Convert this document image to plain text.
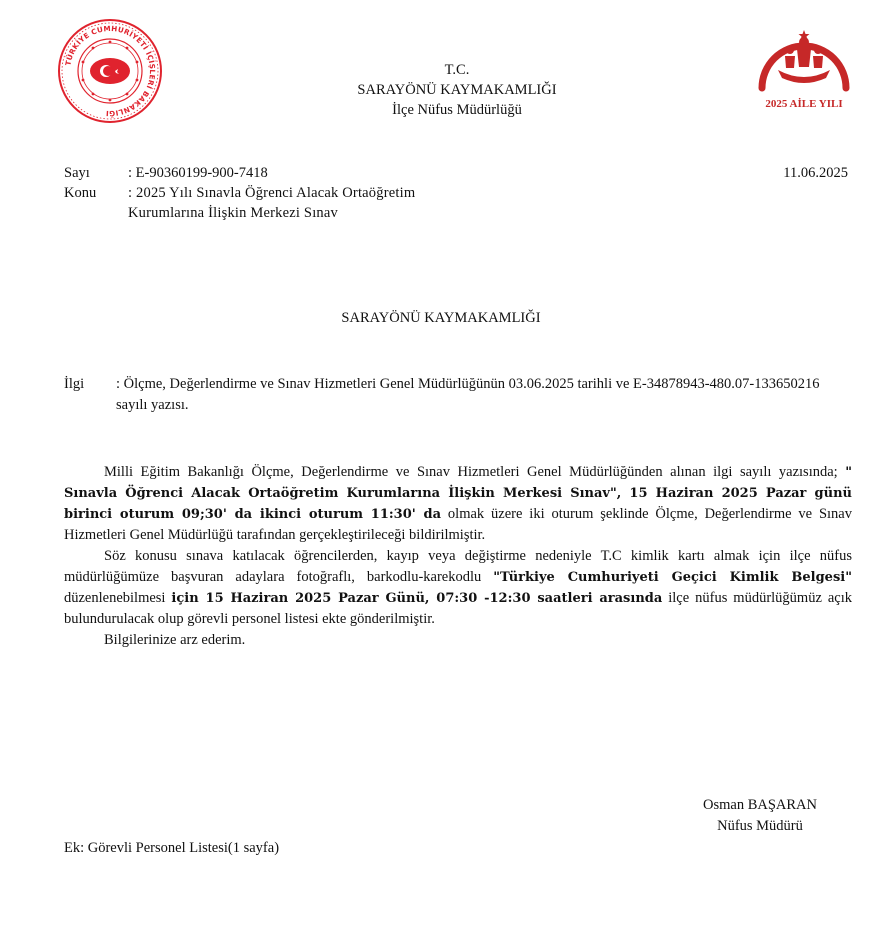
TÜRKİYE CUMHURİYETİ İÇİŞLERİ BAKANLIĞI
2025 AİLE YILI
T.C.
SARAYÖNÜ KAYMAKAMLIĞI
İlçe Nüfus Müdürlüğü
Sayı	: E-90360199-900-7418
Konu : 2025 Yılı Sınavla Öğrenci Alacak Ortaöğretim Kurumlarına İlişkin Merkezi Sınav
11.06.2025
SARAYÖNÜ KAYMAKAMLIĞI
İlgi : Ölçme, Değerlendirme ve Sınav Hizmetleri Genel Müdürlüğünün 03.06.2025 tarihli ve E-34878943-480.07-133650216 sayılı yazısı.

Milli Eğitim Bakanlığı Ölçme, Değerlendirme ve Sınav Hizmetleri Genel Müdürlüğünden alınan ilgi sayılı yazısında; " Sınavla Öğrenci Alacak Ortaöğretim Kurumlarına İlişkin Merkesi Sınav", 15 Haziran 2025 Pazar günü birinci oturum 09;30' da ikinci oturum 11:30' da olmak üzere iki oturum şeklinde Ölçme, Değerlendirme ve Sınav Hizmetleri Genel Müdürlüğü tarafından gerçekleştirileceği bildirilmiştir.

Söz konusu sınava katılacak öğrencilerden, kayıp veya değiştirme nedeniyle T.C kimlik kartı almak için ilçe nüfus müdürlüğümüze başvuran adaylara fotoğraflı, barkodlu-karekodlu "Türkiye Cumhuriyeti Geçici Kimlik Belgesi" düzenlenebilmesi için 15 Haziran 2025 Pazar Günü, 07:30 -12:30 saatleri arasında ilçe nüfus müdürlüğümüz açık bulundurulacak olup görevli personel listesi ekte gönderilmiştir.

Bilgilerinize arz ederim.

Osman BAŞARAN
Nüfus Müdürü
Ek: Görevli Personel Listesi(1 sayfa)
